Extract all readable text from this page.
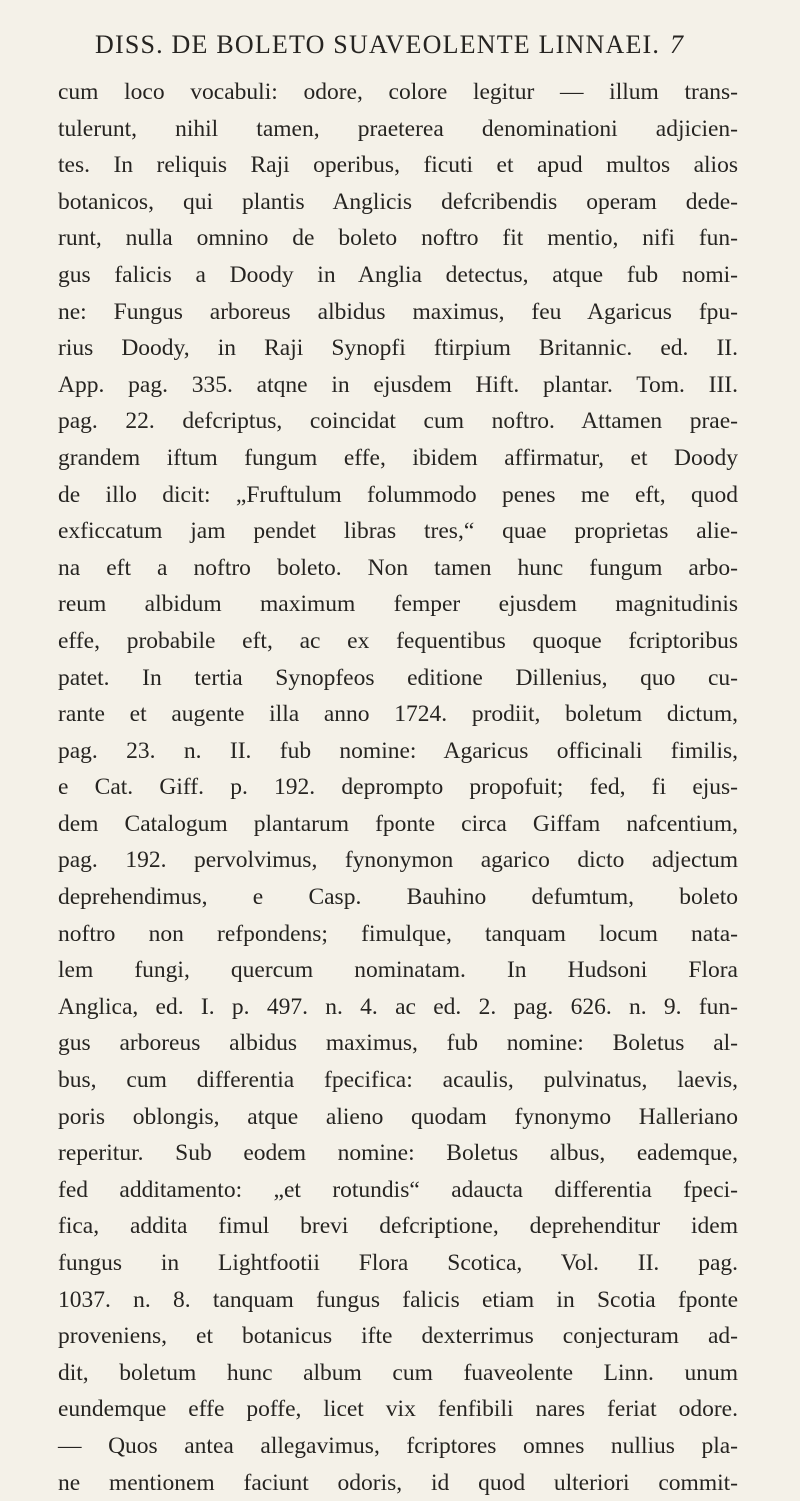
DISS. DE BOLETO SUAVEOLENTE LINNAEI. 7
cum loco vocabuli: odore, colore legitur — illum trans-
tulerunt, nihil tamen, praeterea denominationi adjicien-
tes. In reliquis Raji operibus, ficuti et apud multos alios
botanicos, qui plantis Anglicis defcribendis operam dede-
runt, nulla omnino de boleto noftro fit mentio, nifi fun-
gus falicis a Doody in Anglia detectus, atque fub nomi-
ne: Fungus arboreus albidus maximus, feu Agaricus fpu-
rius Doody, in Raji Synopfi ftirpium Britannic. ed. II.
App. pag. 335. atqne in ejusdem Hift. plantar. Tom. III.
pag. 22. defcriptus, coincidat cum noftro. Attamen prae-
grandem iftum fungum effe, ibidem affirmatur, et Doody
de illo dicit: „Fruftulum folummodo penes me eft, quod
exficcatum jam pendet libras tres,“ quae proprietas alie-
na eft a noftro boleto. Non tamen hunc fungum arbo-
reum albidum maximum femper ejusdem magnitudinis
effe, probabile eft, ac ex fequentibus quoque fcriptoribus
patet. In tertia Synopfeos editione Dillenius, quo cu-
rante et augente illa anno 1724. prodiit, boletum dictum,
pag. 23. n. II. fub nomine: Agaricus officinali fimilis,
e Cat. Giff. p. 192. deprompto propofuit; fed, fi ejus-
dem Catalogum plantarum fponte circa Giffam nafcentium,
pag. 192. pervolvimus, fynonymon agarico dicto adjectum
deprehendimus, e Casp. Bauhino defumtum, boleto
noftro non refpondens; fimulque, tanquam locum nata-
lem fungi, quercum nominatam. In Hudsoni Flora
Anglica, ed. I. p. 497. n. 4. ac ed. 2. pag. 626. n. 9. fun-
gus arboreus albidus maximus, fub nomine: Boletus al-
bus, cum differentia fpecifica: acaulis, pulvinatus, laevis,
poris oblongis, atque alieno quodam fynonymo Halleriano
reperitur. Sub eodem nomine: Boletus albus, eademque,
fed additamento: „et rotundis“ adaucta differentia fpeci-
fica, addita fimul brevi defcriptione, deprehenditur idem
fungus in Lightfootii Flora Scotica, Vol. II. pag.
1037. n. 8. tanquam fungus falicis etiam in Scotia fponte
proveniens, et botanicus ifte dexterrimus conjecturam ad-
dit, boletum hunc album cum fuaveolente Linn. unum
eundemque effe poffe, licet vix fenfibili nares feriat odore.
— Quos antea allegavimus, fcriptores omnes nullius pla-
ne mentionem faciunt odoris, id quod ulteriori commit-
